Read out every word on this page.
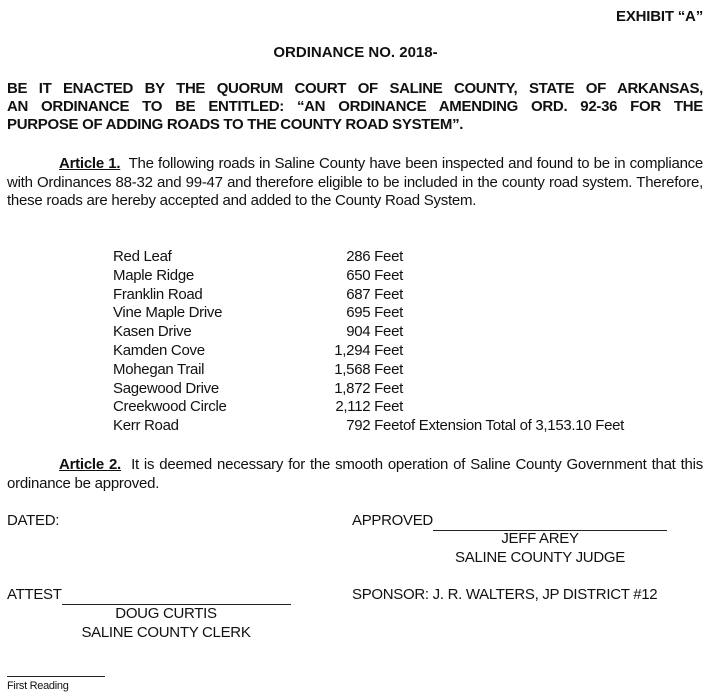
EXHIBIT “A”
ORDINANCE NO. 2018-
BE IT ENACTED BY THE QUORUM COURT OF SALINE COUNTY, STATE OF ARKANSAS,
AN ORDINANCE TO BE ENTITLED: “AN ORDINANCE AMENDING ORD. 92-36 FOR THE
PURPOSE OF ADDING ROADS TO THE COUNTY ROAD SYSTEM”.
Article 1. The following roads in Saline County have been inspected and found to be in compliance with Ordinances 88-32 and 99-47 and therefore eligible to be included in the county road system. Therefore, these roads are hereby accepted and added to the County Road System.
Red Leaf	286 Feet
Maple Ridge	650 Feet
Franklin Road	687 Feet
Vine Maple Drive	695 Feet
Kasen Drive	904 Feet
Kamden Cove	1,294 Feet
Mohegan Trail	1,568 Feet
Sagewood Drive	1,872 Feet
Creekwood Circle	2,112 Feet
Kerr Road	792 Feet of Extension Total of 3,153.10 Feet
Article 2. It is deemed necessary for the smooth operation of Saline County Government that this ordinance be approved.
DATED:	APPROVED
JEFF AREY
SALINE COUNTY JUDGE
ATTEST
DOUG CURTIS
SALINE COUNTY CLERK
SPONSOR: J. R. WALTERS, JP DISTRICT #12
First Reading
